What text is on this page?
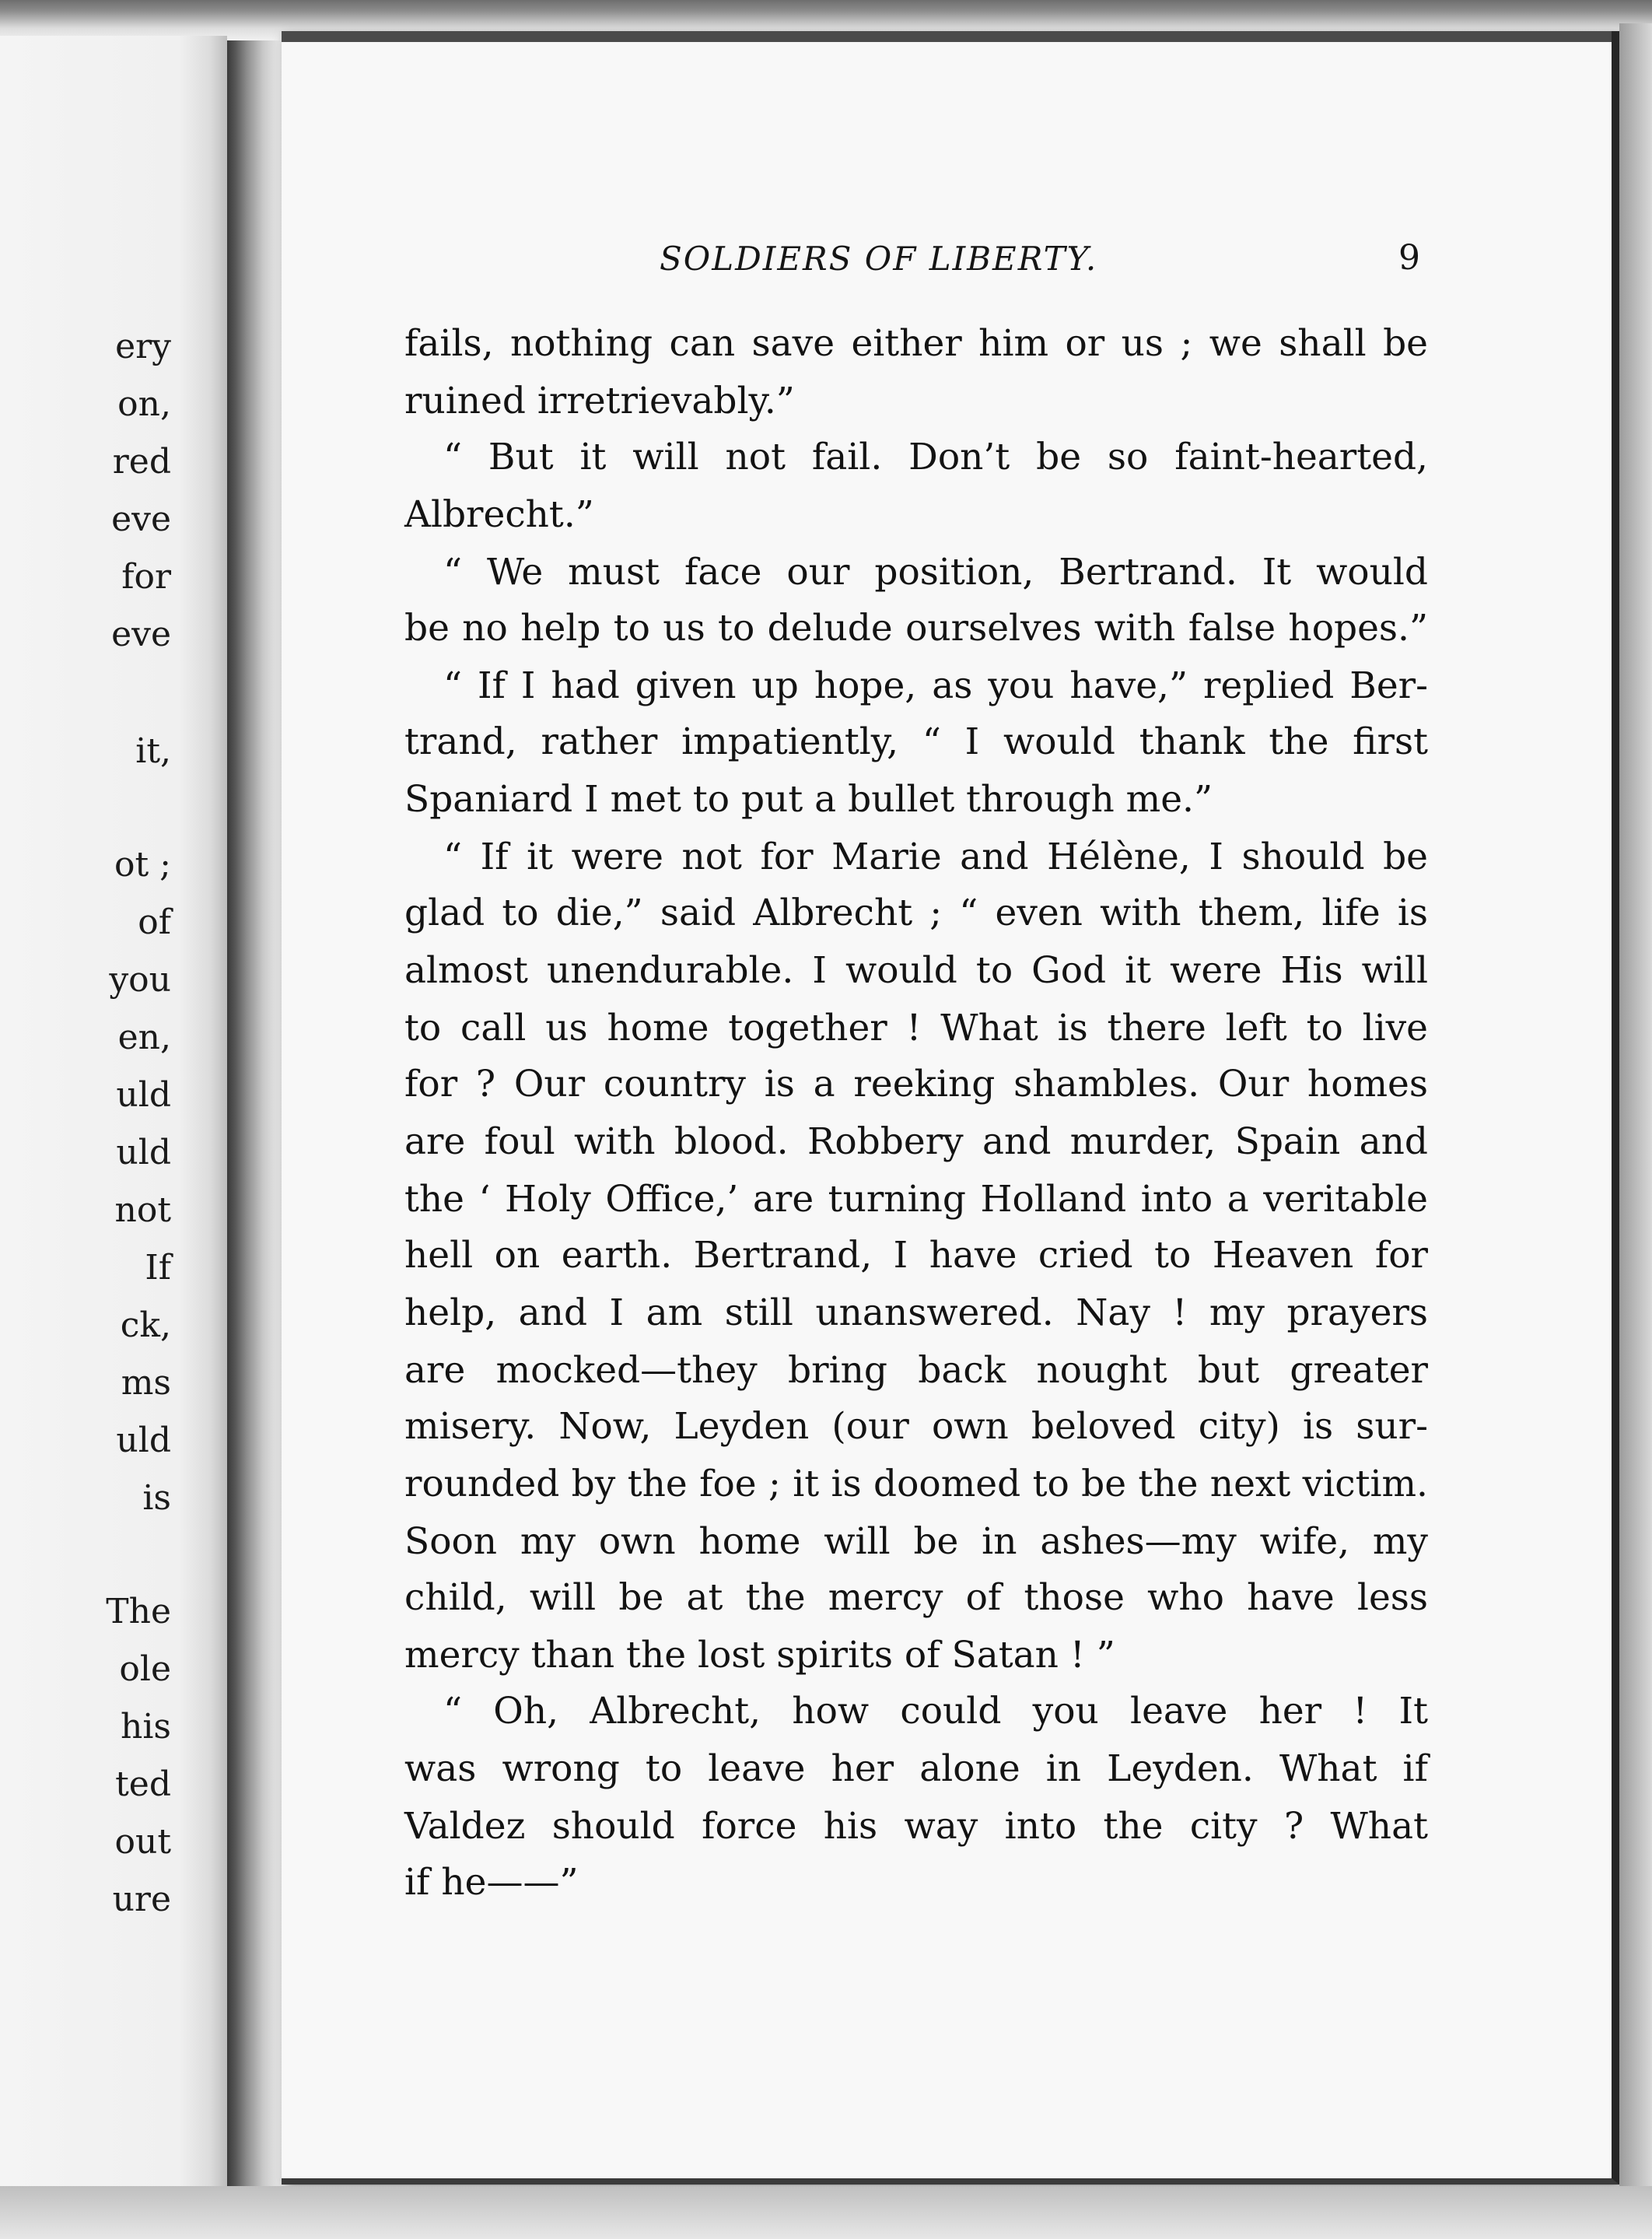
ery
on,
red
eve
for
eve
it,
ot ;
of
you
en,
uld
uld
not
If
ck,
ms
uld
is
The
ole
his
ted
out
ure
SOLDIERS OF LIBERTY.	9
fails, nothing can save either him or us ; we shall be
ruined irretrievably.”
“ But it will not fail. Don’t be so faint-hearted,
Albrecht.”
“ We must face our position, Bertrand. It would
be no help to us to delude ourselves with false hopes.”
“ If I had given up hope, as you have,” replied Ber-
trand, rather impatiently, “ I would thank the first
Spaniard I met to put a bullet through me.”
“ If it were not for Marie and Hélène, I should be
glad to die,” said Albrecht ; “ even with them, life is
almost unendurable. I would to God it were His will
to call us home together ! What is there left to live
for ? Our country is a reeking shambles. Our homes
are foul with blood. Robbery and murder, Spain and
the ‘ Holy Office,’ are turning Holland into a veritable
hell on earth. Bertrand, I have cried to Heaven for
help, and I am still unanswered. Nay ! my prayers
are mocked—they bring back nought but greater
misery. Now, Leyden (our own beloved city) is sur-
rounded by the foe ; it is doomed to be the next victim.
Soon my own home will be in ashes—my wife, my
child, will be at the mercy of those who have less
mercy than the lost spirits of Satan ! ”
“ Oh, Albrecht, how could you leave her ! It
was wrong to leave her alone in Leyden. What if
Valdez should force his way into the city ? What
if he——”
